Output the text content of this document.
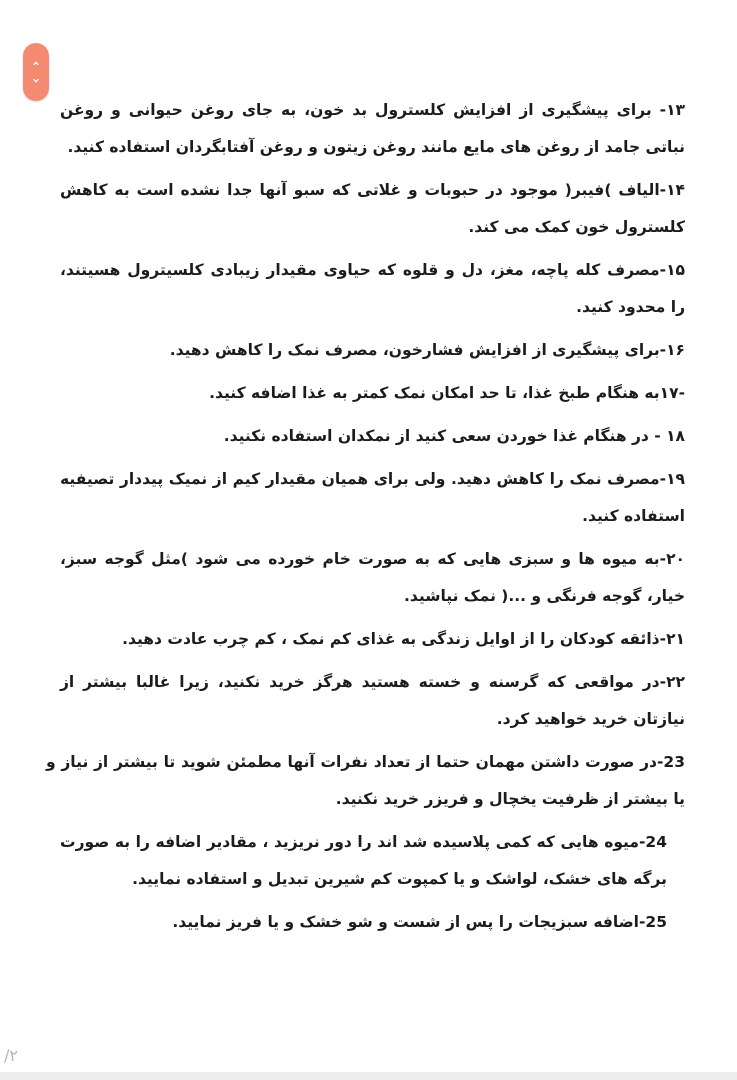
‹
›

۱۳- برای پیشگیری از افزایش کلسترول بد خون، به جای روغن حیوانی و روغن نباتی جامد از روغن های مایع مانند روغن زیتون و روغن آفتابگردان استفاده کنید.

۱۴-الیاف )فیبر( موجود در حبوبات و غلاتی که سبو آنها جدا نشده است به کاهش کلسترول خون کمک می کند.

۱۵-مصرف کله پاچه، مغز، دل و قلوه که حیاوی مقیدار زیبادی کلسیترول هسیتند، را محدود کنید.

۱۶-برای پیشگیری از افزایش فشارخون، مصرف نمک را کاهش دهید.

-۱۷به هنگام طبخ غذا، تا حد امکان نمک کمتر به غذا اضافه کنید.

۱۸ - در هنگام غذا خوردن سعی کنید از نمکدان استفاده نکنید.

۱۹-مصرف نمک را کاهش دهید. ولی برای همیان مقیدار کیم از نمیک پیددار تصیفیه استفاده کنید.

۲۰-به میوه ها و سبزی هایی که به صورت خام خورده می شود )مثل گوجه سبز، خیار، گوجه فرنگی و ...( نمک نپاشید.

۲۱-ذائقه کودکان را از اوایل زندگی به غذای کم نمک ، کم چرب عادت دهید.

۲۲-در مواقعی که گرسنه و خسته هستید هرگز خرید نکنید، زیرا غالبا بیشتر از نیازتان خرید خواهید کرد.

23-در صورت داشتن مهمان حتما از تعداد نفرات آنها مطمئن شوید تا بیشتر از نیاز و یا بیشتر از ظرفیت یخچال و فریزر خرید نکنید.

24-میوه هایی که کمی پلاسیده شد اند را دور نریزید ، مقادیر اضافه را به صورت برگه های خشک، لواشک و یا کمپوت کم شیرین تبدیل و استفاده نمایید.

25-اضافه سبزیجات را پس از شست و شو خشک و یا فریز نمایید.

۲/
